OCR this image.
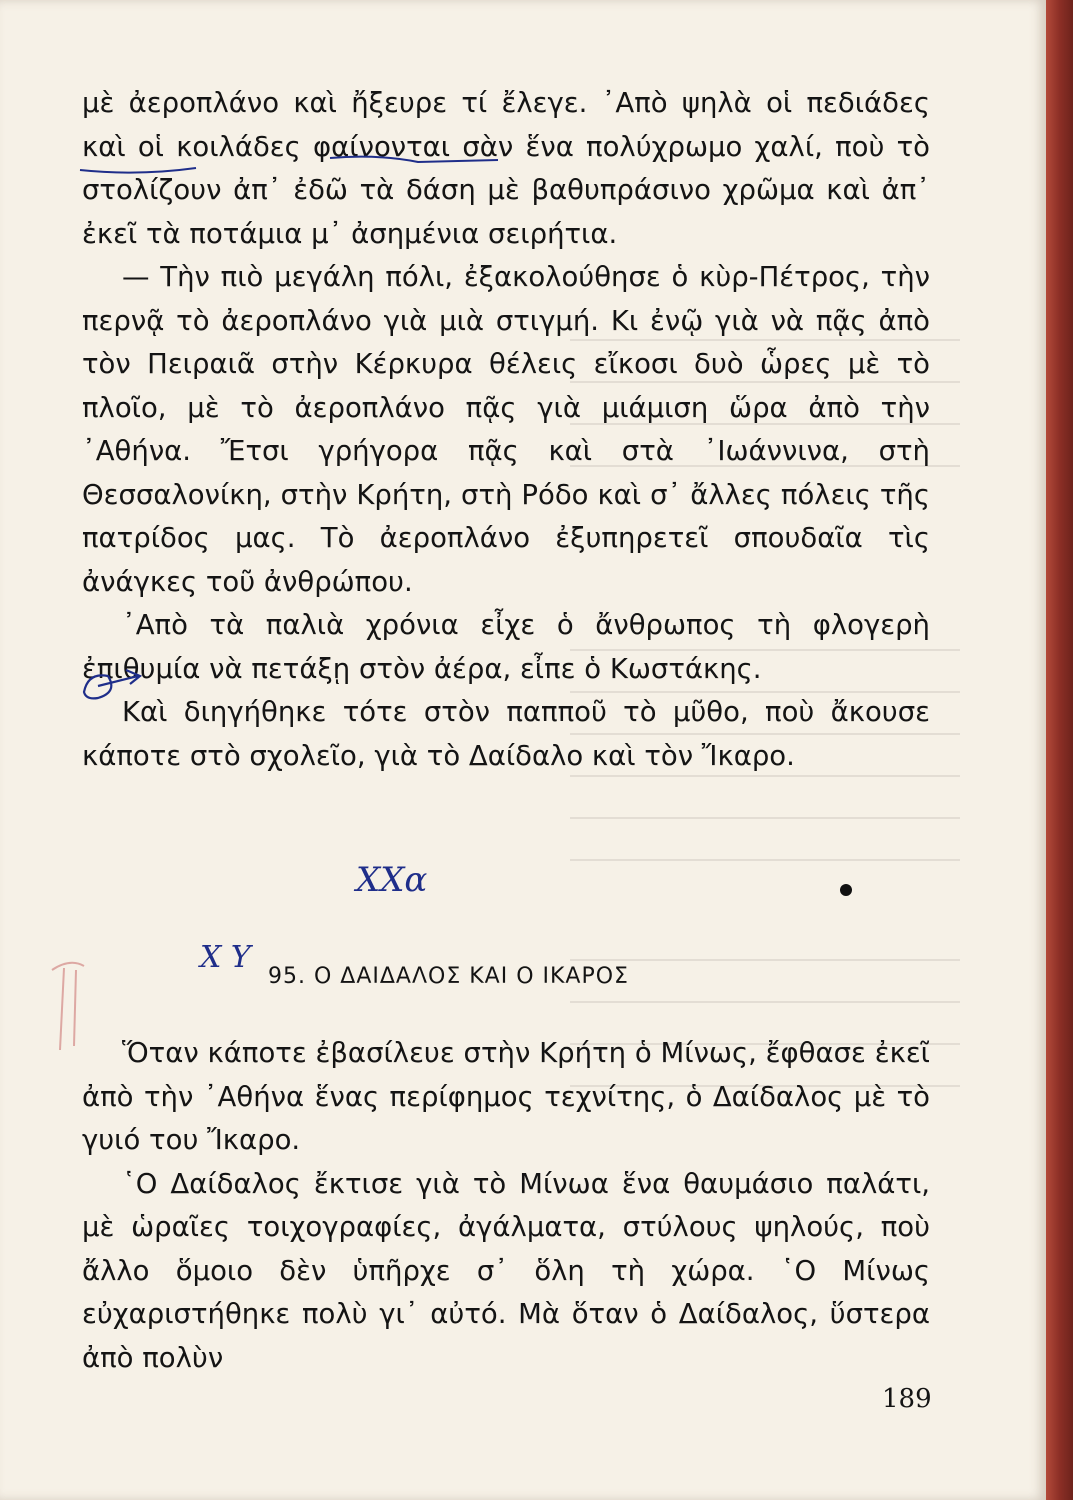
μὲ ἀεροπλάνο καὶ ἤξευρε τί ἔλεγε. ᾿Απὸ ψηλὰ οἱ πεδιάδες καὶ οἱ κοιλάδες φαίνονται σὰν ἕνα πολύχρωμο χαλί, ποὺ τὸ στολίζουν ἀπ᾿ ἐδῶ τὰ δάση μὲ βαθυπράσινο χρῶμα καὶ ἀπ᾿ ἐκεῖ τὰ ποτάμια μ᾿ ἀσημένια σειρήτια.

— Τὴν πιὸ μεγάλη πόλι, ἐξακολούθησε ὁ κὺρ-Πέτρος, τὴν περνᾷ τὸ ἀεροπλάνο γιὰ μιὰ στιγμή. Κι ἐνῷ γιὰ νὰ πᾷς ἀπὸ τὸν Πειραιᾶ στὴν Κέρκυρα θέλεις εἴκοσι δυὸ ὧρες μὲ τὸ πλοῖο, μὲ τὸ ἀεροπλάνο πᾷς γιὰ μιάμιση ὥρα ἀπὸ τὴν ᾿Αθήνα. Ἔτσι γρήγορα πᾷς καὶ στὰ ᾿Ιωάννινα, στὴ Θεσσαλονίκη, στὴν Κρήτη, στὴ Ρόδο καὶ σ᾿ ἄλλες πόλεις τῆς πατρίδος μας. Τὸ ἀεροπλάνο ἐξυπηρετεῖ σπουδαῖα τὶς ἀνάγκες τοῦ ἀνθρώπου.

᾿Απὸ τὰ παλιὰ χρόνια εἶχε ὁ ἄνθρωπος τὴ φλογερὴ ἐπιθυμία νὰ πετάξῃ στὸν ἀέρα, εἶπε ὁ Κωστάκης.

Καὶ διηγήθηκε τότε στὸν παπποῦ τὸ μῦθο, ποὺ ἄκουσε κάποτε στὸ σχολεῖο, γιὰ τὸ Δαίδαλο καὶ τὸν Ἴκαρο.

ΧΧα
Χ Υ
95. Ο ΔΑΙΔΑΛΟΣ ΚΑΙ Ο ΙΚΑΡΟΣ

Ὅταν κάποτε ἐβασίλευε στὴν Κρήτη ὁ Μίνως, ἔφθασε ἐκεῖ ἀπὸ τὴν ᾿Αθήνα ἕνας περίφημος τεχνίτης, ὁ Δαίδαλος μὲ τὸ γυιό του Ἴκαρο.

῾Ο Δαίδαλος ἔκτισε γιὰ τὸ Μίνωα ἕνα θαυμάσιο παλάτι, μὲ ὡραῖες τοιχογραφίες, ἀγάλματα, στύλους ψηλούς, ποὺ ἄλλο ὅμοιο δὲν ὑπῆρχε σ᾿ ὅλη τὴ χώρα. ῾Ο Μίνως εὐχαριστήθηκε πολὺ γι᾿ αὐτό. Μὰ ὅταν ὁ Δαίδαλος, ὕστερα ἀπὸ πολὺν

189
